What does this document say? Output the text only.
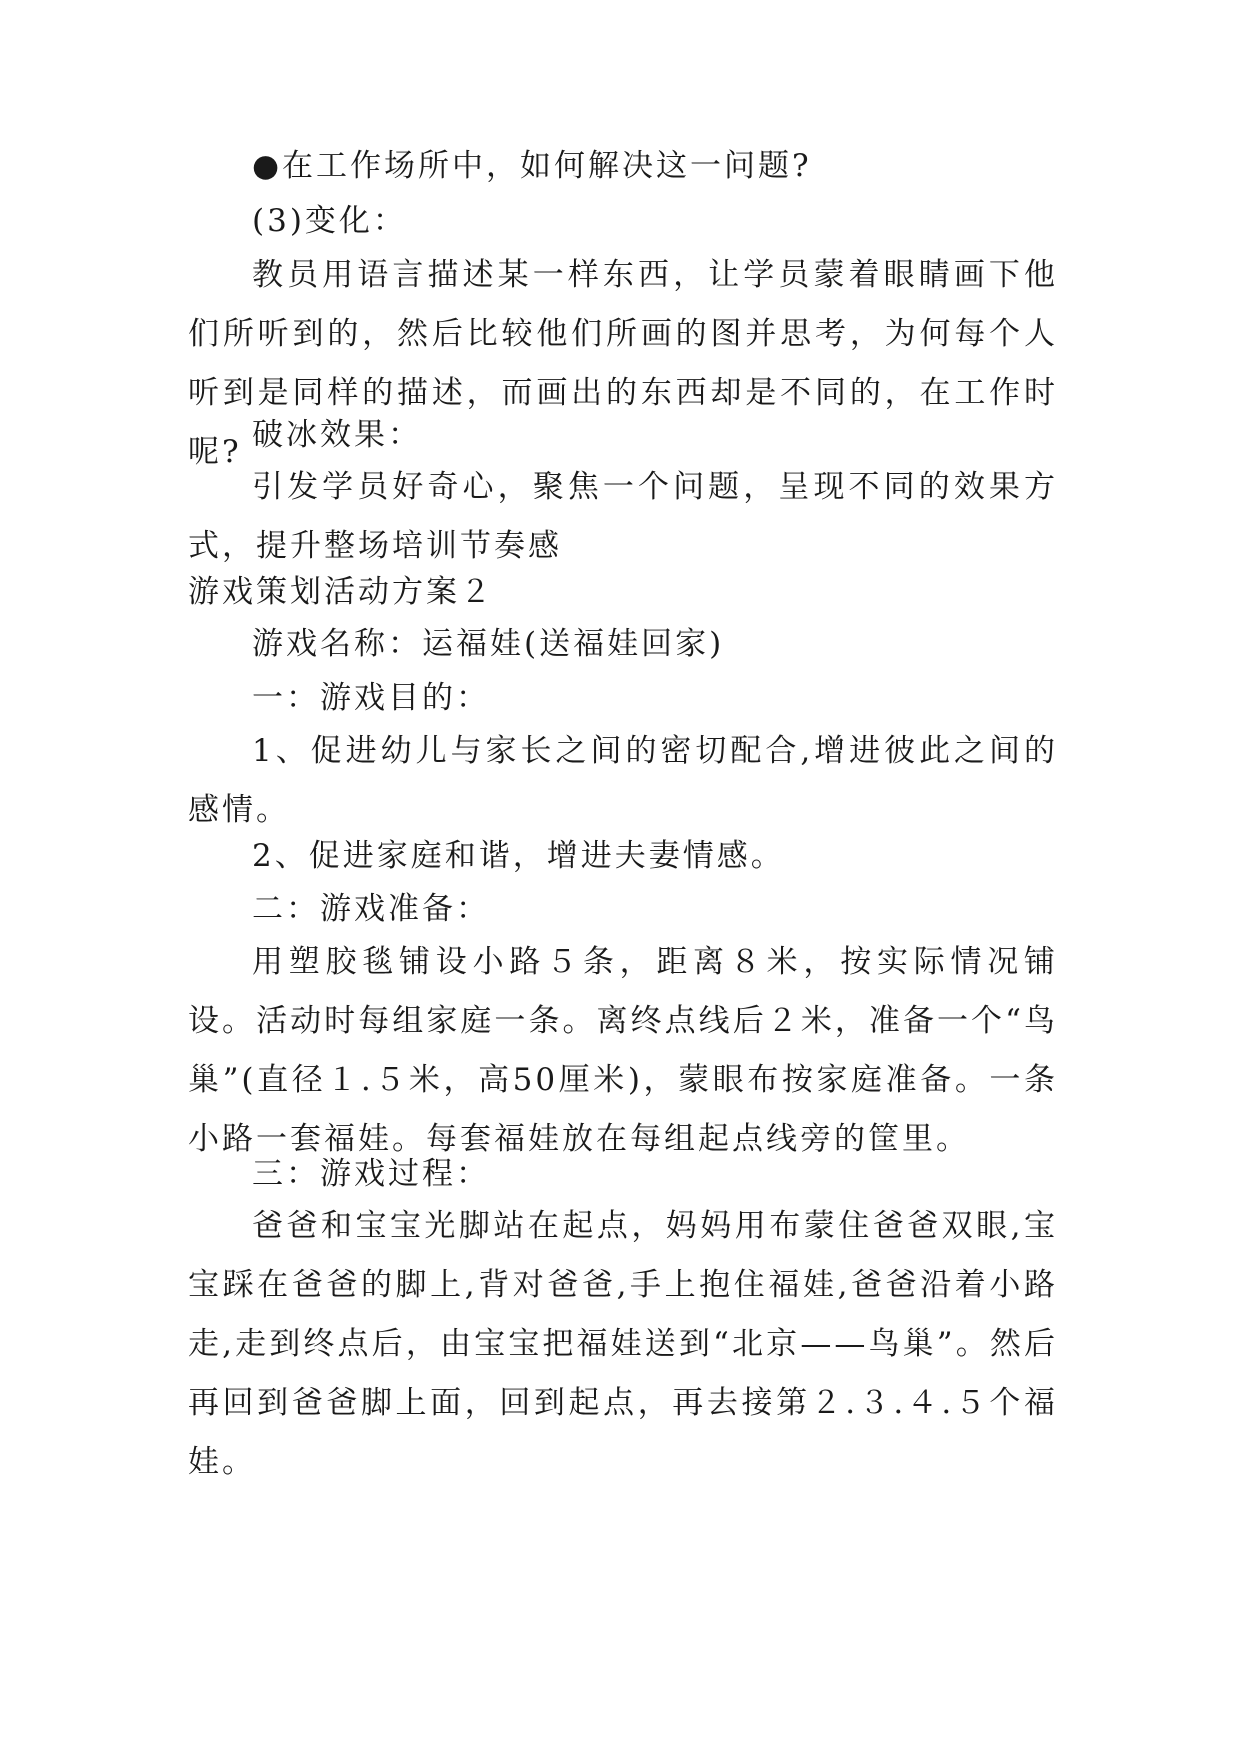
●在工作场所中，如何解决这一问题?

(3)变化：

教员用语言描述某一样东西，让学员蒙着眼睛画下他们所听到的，然后比较他们所画的图并思考，为何每个人听到是同样的描述，而画出的东西却是不同的，在工作时呢? 破冰效果：

引发学员好奇心，聚焦一个问题，呈现不同的效果方式，提升整场培训节奏感

游戏策划活动方案２

游戏名称：运福娃(送福娃回家)

一：游戏目的：

1、促进幼儿与家长之间的密切配合,增进彼此之间的感情。

2、促进家庭和谐，增进夫妻情感。

二：游戏准备：

用塑胶毯铺设小路５条，距离８米，按实际情况铺设。活动时每组家庭一条。离终点线后２米，准备一个“鸟巢”(直径１.５米，高50厘米)，蒙眼布按家庭准备。一条小路一套福娃。每套福娃放在每组起点线旁的筐里。

三：游戏过程：

爸爸和宝宝光脚站在起点，妈妈用布蒙住爸爸双眼,宝宝踩在爸爸的脚上,背对爸爸,手上抱住福娃,爸爸沿着小路走,走到终点后，由宝宝把福娃送到“北京——鸟巢”。然后再回到爸爸脚上面，回到起点，再去接第２.３.４.５个福娃。
